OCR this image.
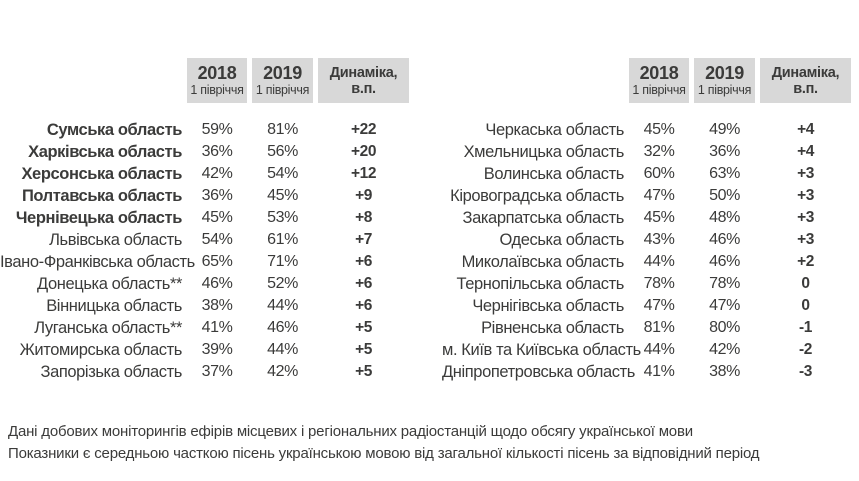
2018
1 півріччя
2019
1 півріччя
Динаміка, в.п.
Сумська область	59%	81%	+22
Харківська область	36%	56%	+20
Херсонська область	42%	54%	+12
Полтавська область	36%	45%	+9
Чернівецька область	45%	53%	+8
Львівська область	54%	61%	+7
Івано-Франківська область 65%	71%	+6
Донецька область**	46%	52%	+6
Вінницька область	38%	44%	+6
Луганська область**	41%	46%	+5
Житомирська область	39%	44%	+5
Запорізька область	37%	42%	+5
2018
1 півріччя
2019
1 півріччя
Динаміка, в.п.
Черкаська область	45%	49%	+4
Хмельницька область	32%	36%	+4
Волинська область	60%	63%	+3
Кіровоградська область	47%	50%	+3
Закарпатська область	45%	48%	+3
Одеська область	43%	46%	+3
Миколаївська область	44%	46%	+2
Тернопільська область	78%	78%	0
Чернігівська область	47%	47%	0
Рівненська область	81%	80%	-1
м. Київ та Київська область 44%	42%	-2
Дніпропетровська область 41%	38%	-3
Дані добових моніторингів ефірів місцевих і регіональних радіостанцій щодо обсягу української мови
Показники є середньою часткою пісень українською мовою від загальної кількості пісень за відповідний період
